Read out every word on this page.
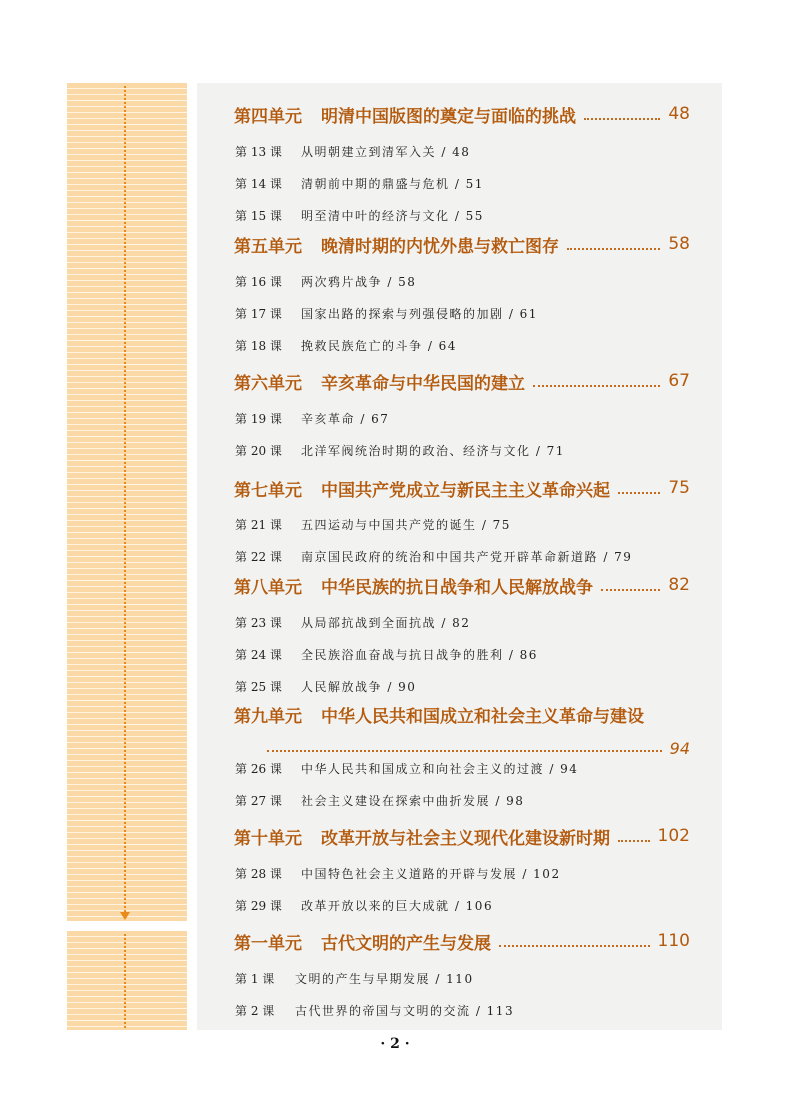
第四单元 明清中国版图的奠定与面临的挑战	48
第 13 课	从明朝建立到清军入关 / 48
第 14 课	清朝前中期的鼎盛与危机 / 51
第 15 课	明至清中叶的经济与文化 / 55
第五单元 晚清时期的内忧外患与救亡图存	58
第 16 课	两次鸦片战争 / 58
第 17 课	国家出路的探索与列强侵略的加剧 / 61
第 18 课	挽救民族危亡的斗争 / 64
第六单元 辛亥革命与中华民国的建立	67
第 19 课	辛亥革命 / 67
第 20 课	北洋军阀统治时期的政治、经济与文化 / 71
第七单元 中国共产党成立与新民主主义革命兴起	75
第 21 课	五四运动与中国共产党的诞生 / 75
第 22 课	南京国民政府的统治和中国共产党开辟革命新道路 / 79
第八单元 中华民族的抗日战争和人民解放战争	82
第 23 课	从局部抗战到全面抗战 / 82
第 24 课	全民族浴血奋战与抗日战争的胜利 / 86
第 25 课	人民解放战争 / 90
第九单元 中华人民共和国成立和社会主义革命与建设
94
第 26 课	中华人民共和国成立和向社会主义的过渡 / 94
第 27 课	社会主义建设在探索中曲折发展 / 98
第十单元 改革开放与社会主义现代化建设新时期	102
第 28 课	中国特色社会主义道路的开辟与发展 / 102
第 29 课	改革开放以来的巨大成就 / 106
第一单元 古代文明的产生与发展	110
第 1 课	文明的产生与早期发展 / 110
第 2 课	古代世界的帝国与文明的交流 / 113
· 2 ·
